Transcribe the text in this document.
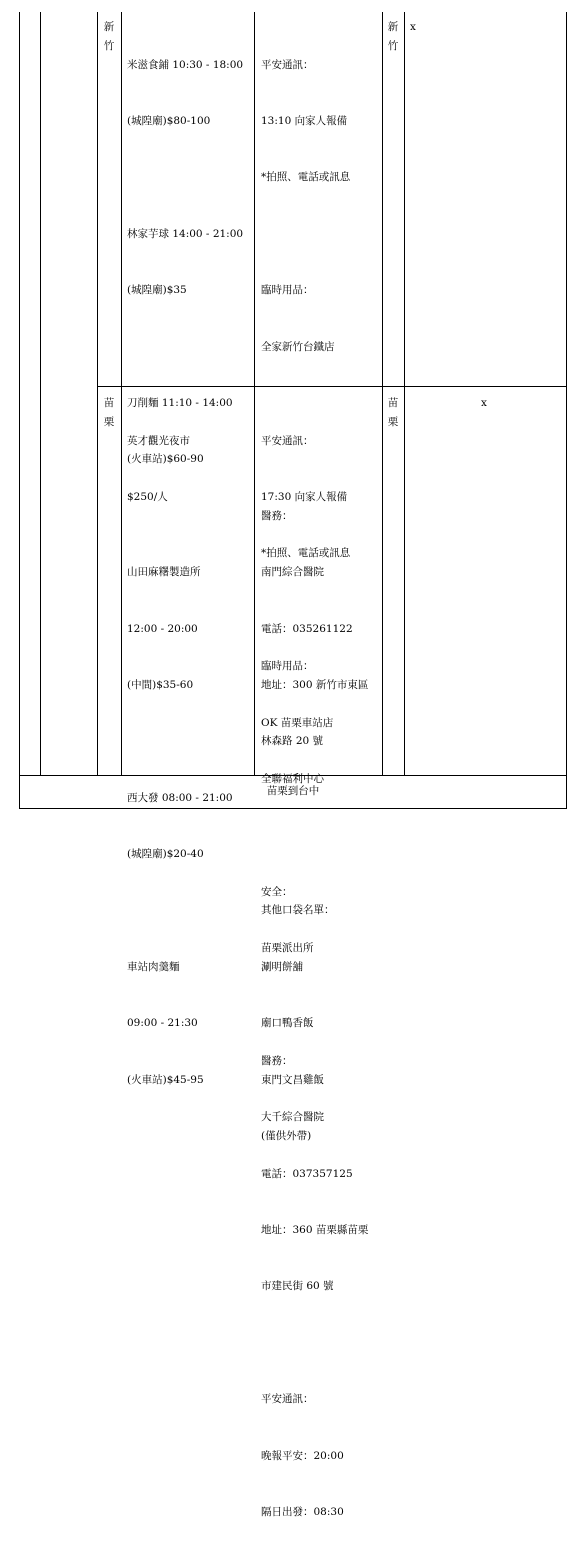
新
竹

米滋食鋪 10:30 - 18:00

(城隍廟)$80-100

林家芋球 14:00 - 21:00

(城隍廟)$35

刀削麵 11:10 - 14:00

(火車站)$60-90

山田麻糬製造所

12:00 - 20:00

(中間)$35-60

西大發 08:00 - 21:00

(城隍廟)$20-40

車站肉羹麵

09:00 - 21:30

(火車站)$45-95

平安通訊：

13:10 向家人報備

*拍照、電話或訊息

臨時用品：

全家新竹台鐵店

醫務：

南門綜合醫院

電話：035261122

地址：300 新竹市東區

林森路 20 號

其他口袋名單：

涮明餅舖

廟口鴨香飯

東門文昌雞飯

(僅供外帶)

新
竹
x
苗
栗

英才觀光夜市

$250/人

平安通訊：

17:30 向家人報備

*拍照、電話或訊息

臨時用品：

OK 苗栗車站店

全聯福利中心

安全：

苗栗派出所

醫務：

大千綜合醫院

電話：037357125

地址：360 苗栗縣苗栗

市建民街 60 號

平安通訊：

晚報平安：20:00

隔日出發：08:30

苗
栗
x
苗栗到台中
